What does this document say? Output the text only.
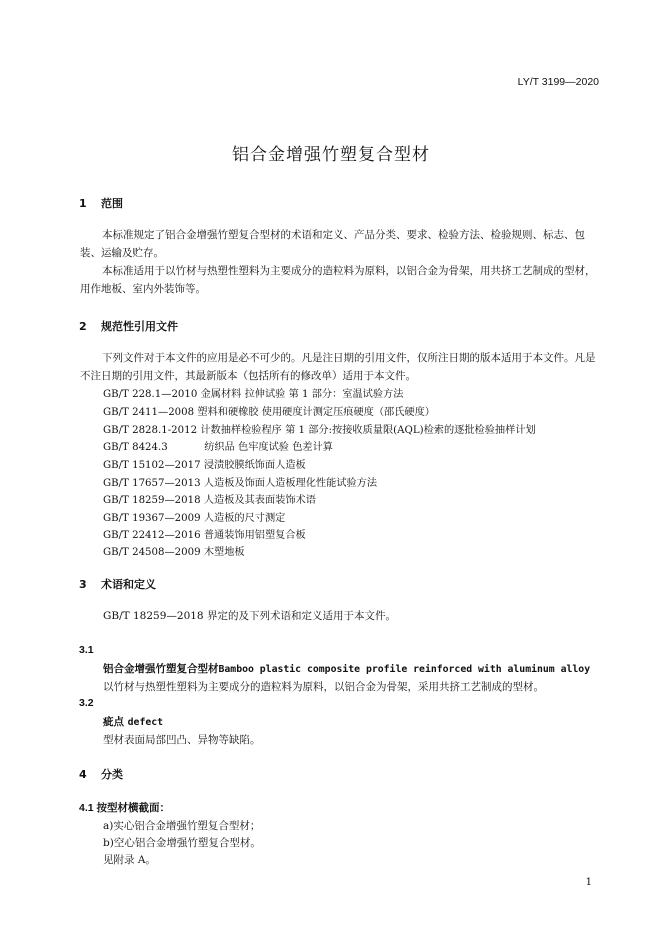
LY/T 3199—2020
铝合金增强竹塑复合型材
1 范围
本标准规定了铝合金增强竹塑复合型材的术语和定义、产品分类、要求、检验方法、检验规则、标志、包装、运输及贮存。
本标准适用于以竹材与热塑性塑料为主要成分的造粒料为原料，以铝合金为骨架，用共挤工艺制成的型材，用作地板、室内外装饰等。
2 规范性引用文件
下列文件对于本文件的应用是必不可少的。凡是注日期的引用文件，仅所注日期的版本适用于本文件。凡是不注日期的引用文件，其最新版本（包括所有的修改单）适用于本文件。
GB/T 228.1—2010 金属材料 拉伸试验 第 1 部分：室温试验方法
GB/T 2411—2008 塑料和硬橡胶 使用硬度计测定压痕硬度（邵氏硬度）
GB/T 2828.1-2012 计数抽样检验程序 第 1 部分:按接收质量限(AQL)检索的逐批检验抽样计划
GB/T 8424.3	纺织品 色牢度试验 色差计算
GB/T 15102—2017 浸渍胶膜纸饰面人造板
GB/T 17657—2013 人造板及饰面人造板理化性能试验方法
GB/T 18259—2018 人造板及其表面装饰术语
GB/T 19367—2009 人造板的尺寸测定
GB/T 22412—2016 普通装饰用铝塑复合板
GB/T 24508—2009 木塑地板
3 术语和定义
GB/T 18259—2018 界定的及下列术语和定义适用于本文件。
3.1
铝合金增强竹塑复合型材Bamboo plastic composite profile reinforced with aluminum alloy
以竹材与热塑性塑料为主要成分的造粒料为原料，以铝合金为骨架，采用共挤工艺制成的型材。
3.2
疵点 defect
型材表面局部凹凸、异物等缺陷。
4 分类
4.1 按型材横截面：
a)实心铝合金增强竹塑复合型材；
b)空心铝合金增强竹塑复合型材。
见附录 A。
1
